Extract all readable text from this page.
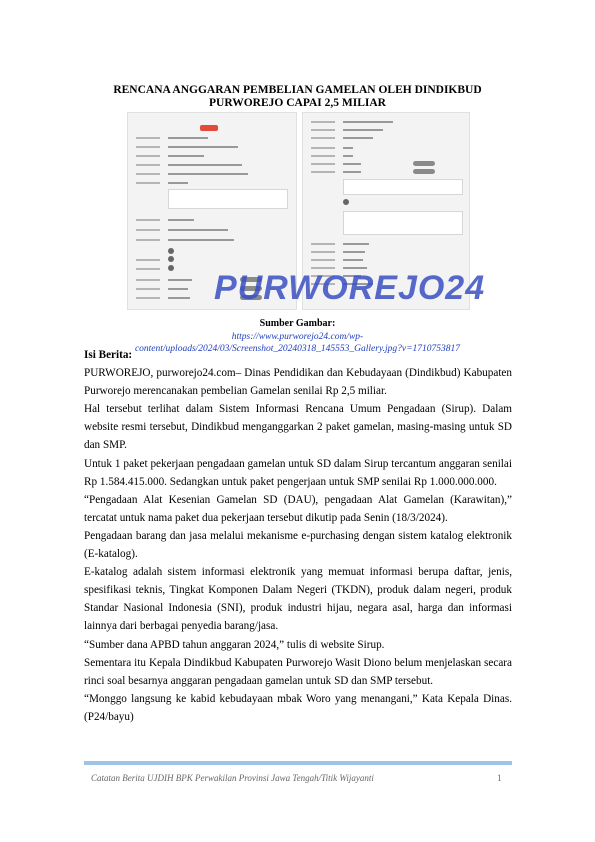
RENCANA ANGGARAN PEMBELIAN GAMELAN OLEH DINDIKBUD
PURWOREJO CAPAI 2,5 MILIAR
PURWOREJO24
Sumber Gambar:
https://www.purworejo24.com/wp-
content/uploads/2024/03/Screenshot_20240318_145553_Gallery.jpg?v=1710753817

Isi Berita:

PURWOREJO, purworejo24.com– Dinas Pendidikan dan Kebudayaan (Dindikbud) Kabupaten Purworejo merencanakan pembelian Gamelan senilai Rp 2,5 miliar.

Hal tersebut terlihat dalam Sistem Informasi Rencana Umum Pengadaan (Sirup). Dalam website resmi tersebut, Dindikbud menganggarkan 2 paket gamelan, masing-masing untuk SD dan SMP.

Untuk 1 paket pekerjaan pengadaan gamelan untuk SD dalam Sirup tercantum anggaran senilai Rp 1.584.415.000. Sedangkan untuk paket pengerjaan untuk SMP senilai Rp 1.000.000.000.

“Pengadaan Alat Kesenian Gamelan SD (DAU), pengadaan Alat Gamelan (Karawitan),” tercatat untuk nama paket dua pekerjaan tersebut dikutip pada Senin (18/3/2024).

Pengadaan barang dan jasa melalui mekanisme e-purchasing dengan sistem katalog elektronik (E-katalog).

E-katalog adalah sistem informasi elektronik yang memuat informasi berupa daftar, jenis, spesifikasi teknis, Tingkat Komponen Dalam Negeri (TKDN), produk dalam negeri, produk Standar Nasional Indonesia (SNI), produk industri hijau, negara asal, harga dan informasi lainnya dari berbagai penyedia barang/jasa.

“Sumber dana APBD tahun anggaran 2024,” tulis di website Sirup.

Sementara itu Kepala Dindikbud Kabupaten Purworejo Wasit Diono belum menjelaskan secara rinci soal besarnya anggaran pengadaan gamelan untuk SD dan SMP tersebut.

“Monggo langsung ke kabid kebudayaan mbak Woro yang menangani,” Kata Kepala Dinas. (P24/bayu)

Catatan Berita UJDIH BPK Perwakilan Provinsi Jawa Tengah/Titik Wijayanti	1
